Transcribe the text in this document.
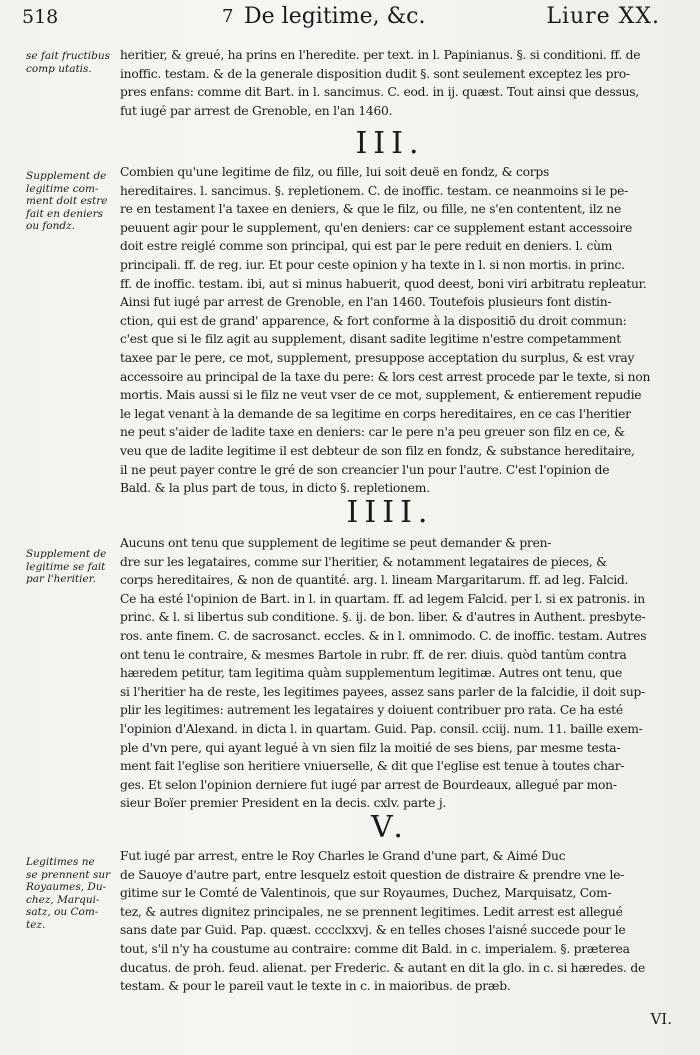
518	7 De legitime, &c.	Liure XX.
se fait fructibus
comp utatis.
heritier, & greué, ha prins en l'heredite. per text. in l. Papinianus. §. si conditioni. ff. de
inoffic. testam. & de la generale disposition dudit §. sont seulement exceptez les pro-
pres enfans: comme dit Bart. in l. sancimus. C. eod. in ij. quæst. Tout ainsi que dessus,
fut iugé par arrest de Grenoble, en l'an 1460.
III.
Supplement de
legitime com-
ment doit estre
fait en deniers
ou fondz.
Combien qu'une legitime de filz, ou fille, lui soit deuë en fondz, & corps
hereditaires. l. sancimus. §. repletionem. C. de inoffic. testam. ce neanmoins si le pe-
re en testament l'a taxee en deniers, & que le filz, ou fille, ne s'en contentent, ilz ne
peuuent agir pour le supplement, qu'en deniers: car ce supplement estant accessoire
doit estre reiglé comme son principal, qui est par le pere reduit en deniers. l. cùm
principali. ff. de reg. iur. Et pour ceste opinion y ha texte in l. si non mortis. in princ.
ff. de inoffic. testam. ibi, aut si minus habuerit, quod deest, boni viri arbitratu repleatur.
Ainsi fut iugé par arrest de Grenoble, en l'an 1460. Toutefois plusieurs font distin-
ction, qui est de grand' apparence, & fort conforme à la dispositiō du droit commun:
c'est que si le filz agit au supplement, disant sadite legitime n'estre competamment
taxee par le pere, ce mot, supplement, presuppose acceptation du surplus, & est vray
accessoire au principal de la taxe du pere: & lors cest arrest procede par le texte, si non
mortis. Mais aussi si le filz ne veut vser de ce mot, supplement, & entierement repudie
le legat venant à la demande de sa legitime en corps hereditaires, en ce cas l'heritier
ne peut s'aider de ladite taxe en deniers: car le pere n'a peu greuer son filz en ce, &
veu que de ladite legitime il est debteur de son filz en fondz, & substance hereditaire,
il ne peut payer contre le gré de son creancier l'un pour l'autre. C'est l'opinion de
Bald. & la plus part de tous, in dicto §. repletionem.
IIII.
Supplement de
legitime se fait
par l'heritier.
Aucuns ont tenu que supplement de legitime se peut demander & pren-
dre sur les legataires, comme sur l'heritier, & notamment legataires de pieces, &
corps hereditaires, & non de quantité. arg. l. lineam Margaritarum. ff. ad leg. Falcid.
Ce ha esté l'opinion de Bart. in l. in quartam. ff. ad legem Falcid. per l. si ex patronis. in
princ. & l. si libertus sub conditione. §. ij. de bon. liber. & d'autres in Authent. presbyte-
ros. ante finem. C. de sacrosanct. eccles. & in l. omnimodo. C. de inoffic. testam. Autres
ont tenu le contraire, & mesmes Bartole in rubr. ff. de rer. diuis. quòd tantùm contra
hæredem petitur, tam legitima quàm supplementum legitimæ. Autres ont tenu, que
si l'heritier ha de reste, les legitimes payees, assez sans parler de la falcidie, il doit sup-
plir les legitimes: autrement les legataires y doiuent contribuer pro rata. Ce ha esté
l'opinion d'Alexand. in dicta l. in quartam. Guid. Pap. consil. cciij. num. 11. baille exem-
ple d'vn pere, qui ayant legué à vn sien filz la moitié de ses biens, par mesme testa-
ment fait l'eglise son heritiere vniuerselle, & dit que l'eglise est tenue à toutes char-
ges. Et selon l'opinion derniere fut iugé par arrest de Bourdeaux, allegué par mon-
sieur Boïer premier President en la decis. cxlv. parte j.
V.
Legitimes ne
se prennent sur
Royaumes, Du-
chez, Marqui-
satz, ou Com-
tez.
Fut iugé par arrest, entre le Roy Charles le Grand d'une part, & Aimé Duc
de Sauoye d'autre part, entre lesquelz estoit question de distraire & prendre vne le-
gitime sur le Comté de Valentinois, que sur Royaumes, Duchez, Marquisatz, Com-
tez, & autres dignitez principales, ne se prennent legitimes. Ledit arrest est allegué
sans date par Guid. Pap. quæst. cccclxxvj. & en telles choses l'aisné succede pour le
tout, s'il n'y ha coustume au contraire: comme dit Bald. in c. imperialem. §. præterea
ducatus. de proh. feud. alienat. per Frederic. & autant en dit la glo. in c. si hæredes. de
testam. & pour le pareil vaut le texte in c. in maioribus. de præb.
VI.
